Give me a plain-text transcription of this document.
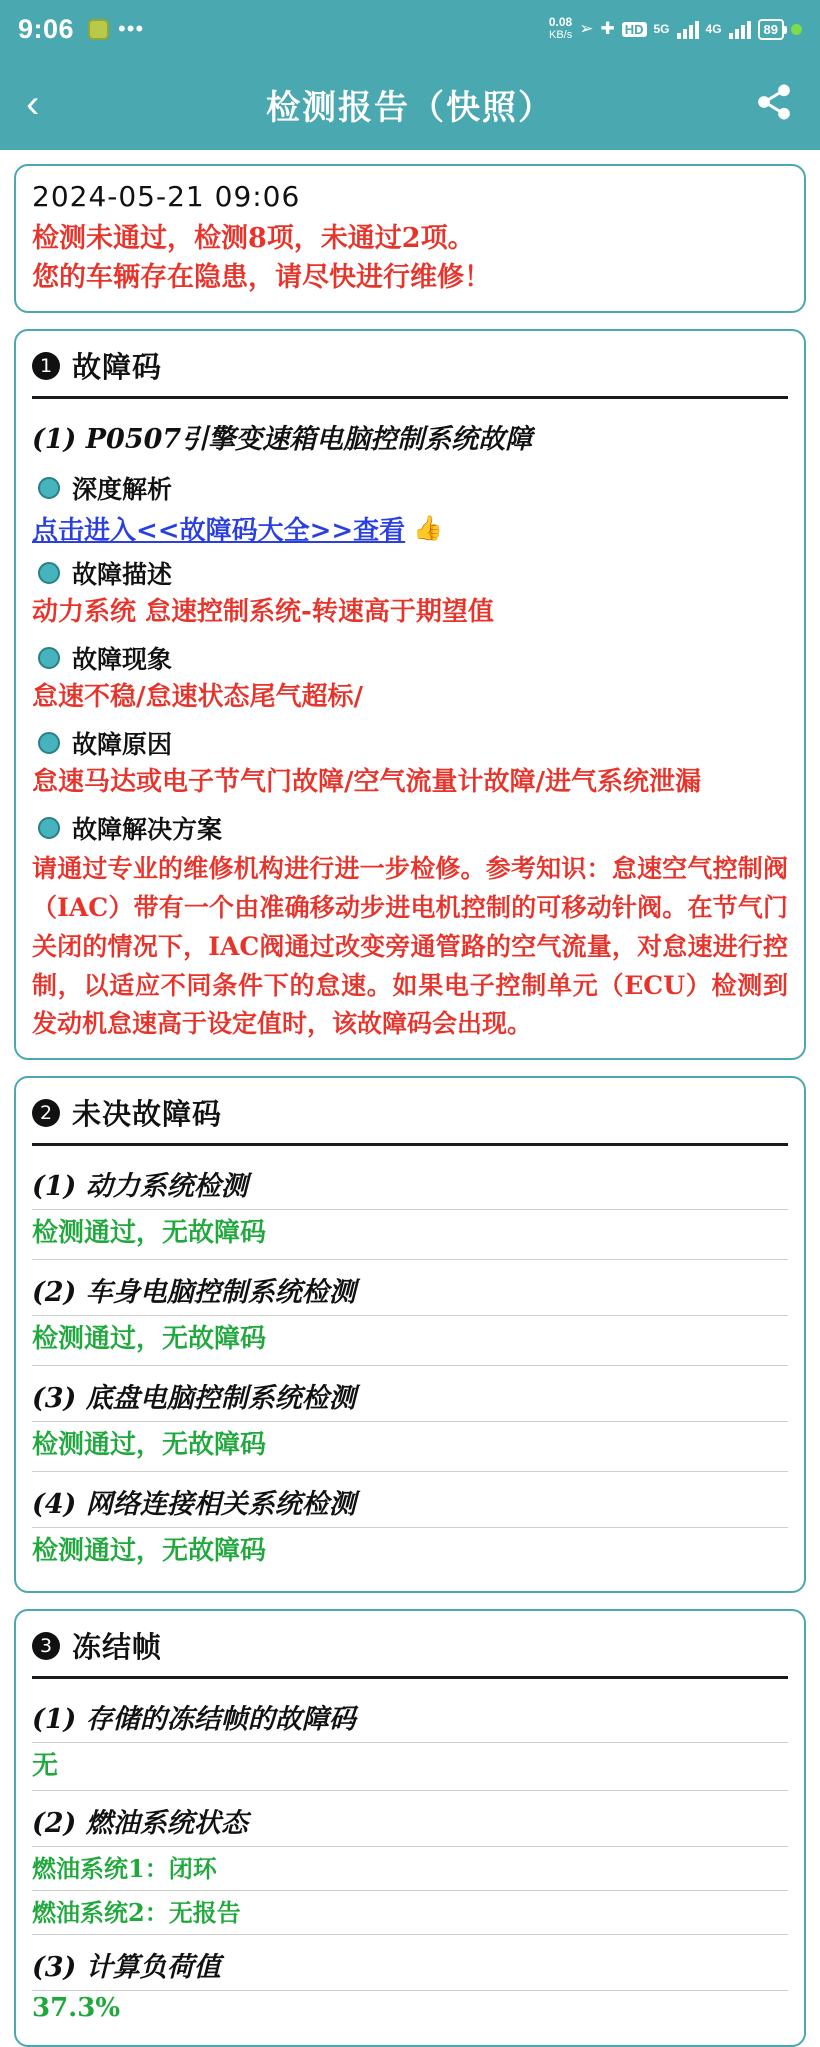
9:06 •••	0.08
KB/s ➢ ✚ HD 5G	4G	89
‹	检测报告（快照）
2024-05-21 09:06
检测未通过，检测8项，未通过2项。
您的车辆存在隐患，请尽快进行维修！
1 故障码
(1) P0507引擎变速箱电脑控制系统故障
深度解析
点击进入<<故障码大全>>查看 👍
故障描述
动力系统 怠速控制系统-转速高于期望值
故障现象
怠速不稳/怠速状态尾气超标/
故障原因
怠速马达或电子节气门故障/空气流量计故障/进气系统泄漏
故障解决方案
请通过专业的维修机构进行进一步检修。参考知识：怠速空气控制阀（IAC）带有一个由准确移动步进电机控制的可移动针阀。在节气门关闭的情况下，IAC阀通过改变旁通管路的空气流量，对怠速进行控制，以适应不同条件下的怠速。如果电子控制单元（ECU）检测到发动机怠速高于设定值时，该故障码会出现。
2 未决故障码
(1) 动力系统检测
检测通过，无故障码
(2) 车身电脑控制系统检测
检测通过，无故障码
(3) 底盘电脑控制系统检测
检测通过，无故障码
(4) 网络连接相关系统检测
检测通过，无故障码
3 冻结帧
(1) 存储的冻结帧的故障码
无
(2) 燃油系统状态
燃油系统1：闭环
燃油系统2：无报告
(3) 计算负荷值
37.3%
